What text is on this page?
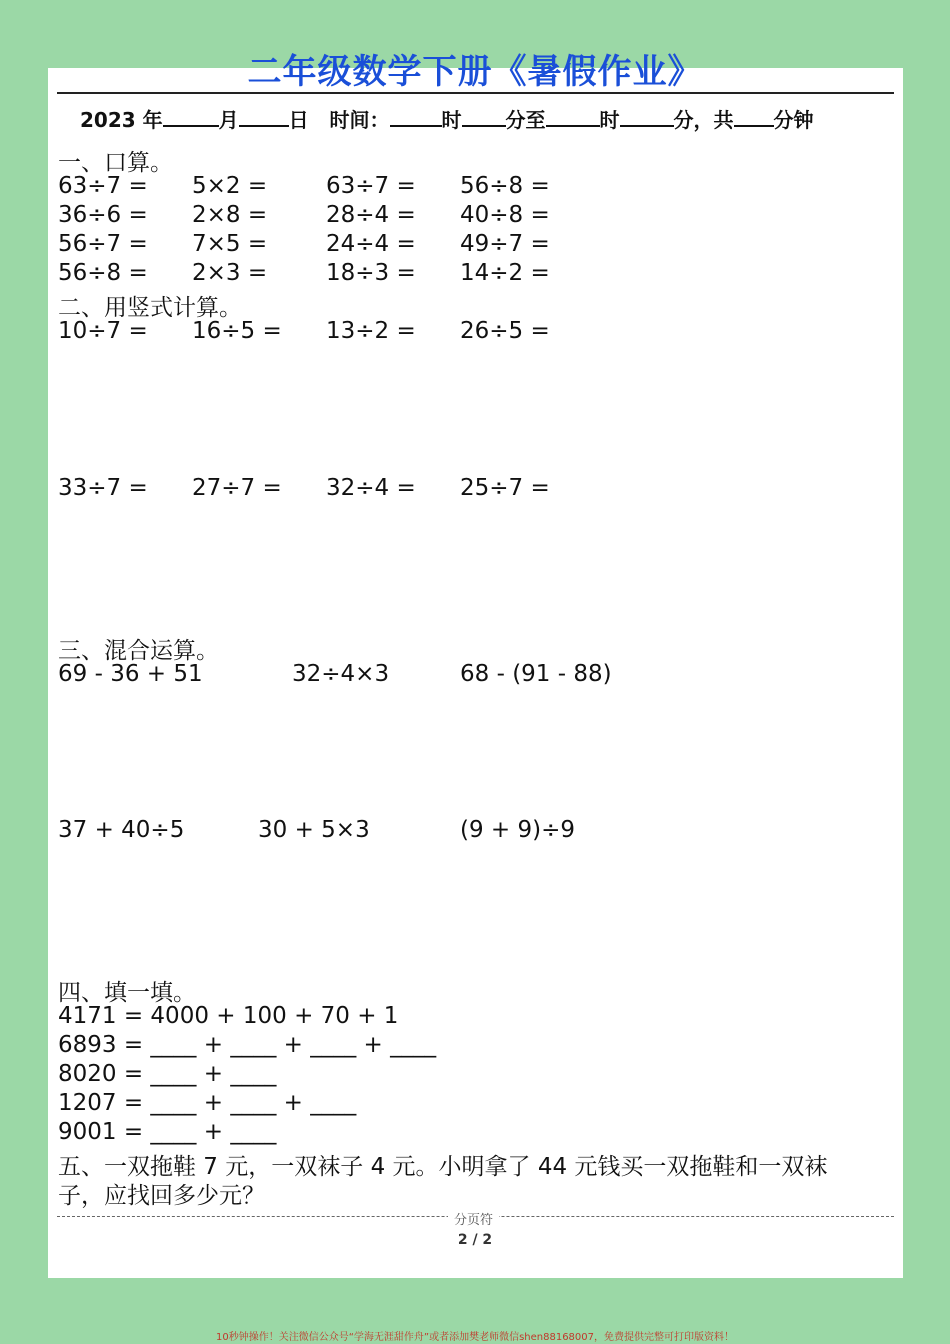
二年级数学下册《暑假作业》
2023 年	月	日 时间：	时 分至	时	分，共 分钟
一、口算。
63÷7 = 5×2 =	63÷7 = 56÷8 =
36÷6 = 2×8 =	28÷4 = 40÷8 =
56÷7 = 7×5 =	24÷4 = 49÷7 =
56÷8 = 2×3 =	18÷3 = 14÷2 =
二、用竖式计算。
10÷7 = 16÷5 = 13÷2 = 26÷5 =
33÷7 = 27÷7 = 32÷4 = 25÷7 =
三、混合运算。
69 - 36 + 51	32÷4×3	68 - (91 - 88)
37 + 40÷5	30 + 5×3	(9 + 9)÷9
四、填一填。
4171 = 4000 + 100 + 70 + 1
6893 = ____ + ____ + ____ + ____
8020 = ____ + ____
1207 = ____ + ____ + ____
9001 = ____ + ____
五、一双拖鞋 7 元，一双袜子 4 元。小明拿了 44 元钱买一双拖鞋和一双袜
子，应找回多少元？
分页符
2 / 2
10秒钟操作！关注微信公众号“学海无涯甜作舟”或者添加樊老师微信shen88168007，免费提供完整可打印版资料！
